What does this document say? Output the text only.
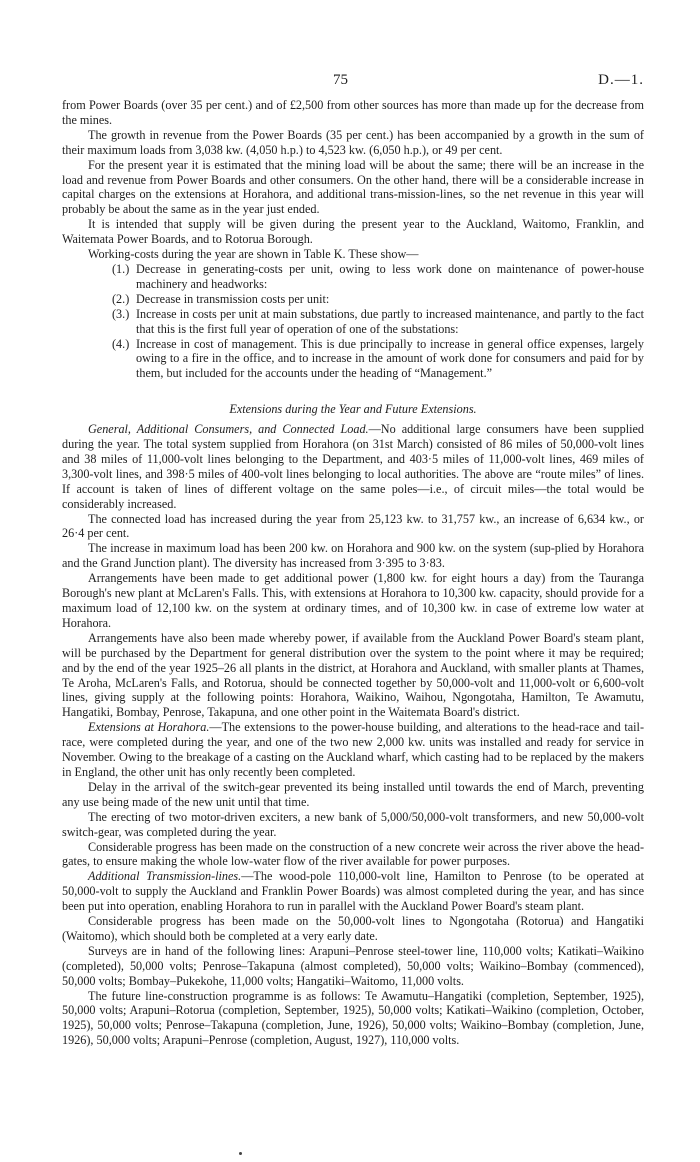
75	D.—1.

from Power Boards (over 35 per cent.) and of £2,500 from other sources has more than made up for the decrease from the mines.

The growth in revenue from the Power Boards (35 per cent.) has been accompanied by a growth in the sum of their maximum loads from 3,038 kw. (4,050 h.p.) to 4,523 kw. (6,050 h.p.), or 49 per cent.

For the present year it is estimated that the mining load will be about the same; there will be an increase in the load and revenue from Power Boards and other consumers. On the other hand, there will be a considerable increase in capital charges on the extensions at Horahora, and additional trans-mission-lines, so the net revenue in this year will probably be about the same as in the year just ended.

It is intended that supply will be given during the present year to the Auckland, Waitomo, Franklin, and Waitemata Power Boards, and to Rotorua Borough.

Working-costs during the year are shown in Table K. These show—

(1.) Decrease in generating-costs per unit, owing to less work done on maintenance of power-house machinery and headworks:
(2.) Decrease in transmission costs per unit:
(3.) Increase in costs per unit at main substations, due partly to increased maintenance, and partly to the fact that this is the first full year of operation of one of the substations:
(4.) Increase in cost of management. This is due principally to increase in general office expenses, largely owing to a fire in the office, and to increase in the amount of work done for consumers and paid for by them, but included for the accounts under the heading of “Management.”
Extensions during the Year and Future Extensions.

General, Additional Consumers, and Connected Load.—No additional large consumers have been supplied during the year. The total system supplied from Horahora (on 31st March) consisted of 86 miles of 50,000-volt lines and 38 miles of 11,000-volt lines belonging to the Department, and 403·5 miles of 11,000-volt lines, 469 miles of 3,300-volt lines, and 398·5 miles of 400-volt lines belonging to local authorities. The above are “route miles” of lines. If account is taken of lines of different voltage on the same poles—i.e., of circuit miles—the total would be considerably increased.

The connected load has increased during the year from 25,123 kw. to 31,757 kw., an increase of 6,634 kw., or 26·4 per cent.

The increase in maximum load has been 200 kw. on Horahora and 900 kw. on the system (sup-plied by Horahora and the Grand Junction plant). The diversity has increased from 3·395 to 3·83.

Arrangements have been made to get additional power (1,800 kw. for eight hours a day) from the Tauranga Borough's new plant at McLaren's Falls. This, with extensions at Horahora to 10,300 kw. capacity, should provide for a maximum load of 12,100 kw. on the system at ordinary times, and of 10,300 kw. in case of extreme low water at Horahora.

Arrangements have also been made whereby power, if available from the Auckland Power Board's steam plant, will be purchased by the Department for general distribution over the system to the point where it may be required; and by the end of the year 1925–26 all plants in the district, at Horahora and Auckland, with smaller plants at Thames, Te Aroha, McLaren's Falls, and Rotorua, should be connected together by 50,000-volt and 11,000-volt or 6,600-volt lines, giving supply at the following points: Horahora, Waikino, Waihou, Ngongotaha, Hamilton, Te Awamutu, Hangatiki, Bombay, Penrose, Takapuna, and one other point in the Waitemata Board's district.

Extensions at Horahora.—The extensions to the power-house building, and alterations to the head-race and tail-race, were completed during the year, and one of the two new 2,000 kw. units was installed and ready for service in November. Owing to the breakage of a casting on the Auckland wharf, which casting had to be replaced by the makers in England, the other unit has only recently been completed.

Delay in the arrival of the switch-gear prevented its being installed until towards the end of March, preventing any use being made of the new unit until that time.

The erecting of two motor-driven exciters, a new bank of 5,000/50,000-volt transformers, and new 50,000-volt switch-gear, was completed during the year.

Considerable progress has been made on the construction of a new concrete weir across the river above the head-gates, to ensure making the whole low-water flow of the river available for power purposes.

Additional Transmission-lines.—The wood-pole 110,000-volt line, Hamilton to Penrose (to be operated at 50,000-volt to supply the Auckland and Franklin Power Boards) was almost completed during the year, and has since been put into operation, enabling Horahora to run in parallel with the Auckland Power Board's steam plant.

Considerable progress has been made on the 50,000-volt lines to Ngongotaha (Rotorua) and Hangatiki (Waitomo), which should both be completed at a very early date.

Surveys are in hand of the following lines: Arapuni–Penrose steel-tower line, 110,000 volts; Katikati–Waikino (completed), 50,000 volts; Penrose–Takapuna (almost completed), 50,000 volts; Waikino–Bombay (commenced), 50,000 volts; Bombay–Pukekohe, 11,000 volts; Hangatiki–Waitomo, 11,000 volts.

The future line-construction programme is as follows: Te Awamutu–Hangatiki (completion, September, 1925), 50,000 volts; Arapuni–Rotorua (completion, September, 1925), 50,000 volts; Katikati–Waikino (completion, October, 1925), 50,000 volts; Penrose–Takapuna (completion, June, 1926), 50,000 volts; Waikino–Bombay (completion, June, 1926), 50,000 volts; Arapuni–Penrose (completion, August, 1927), 110,000 volts.
